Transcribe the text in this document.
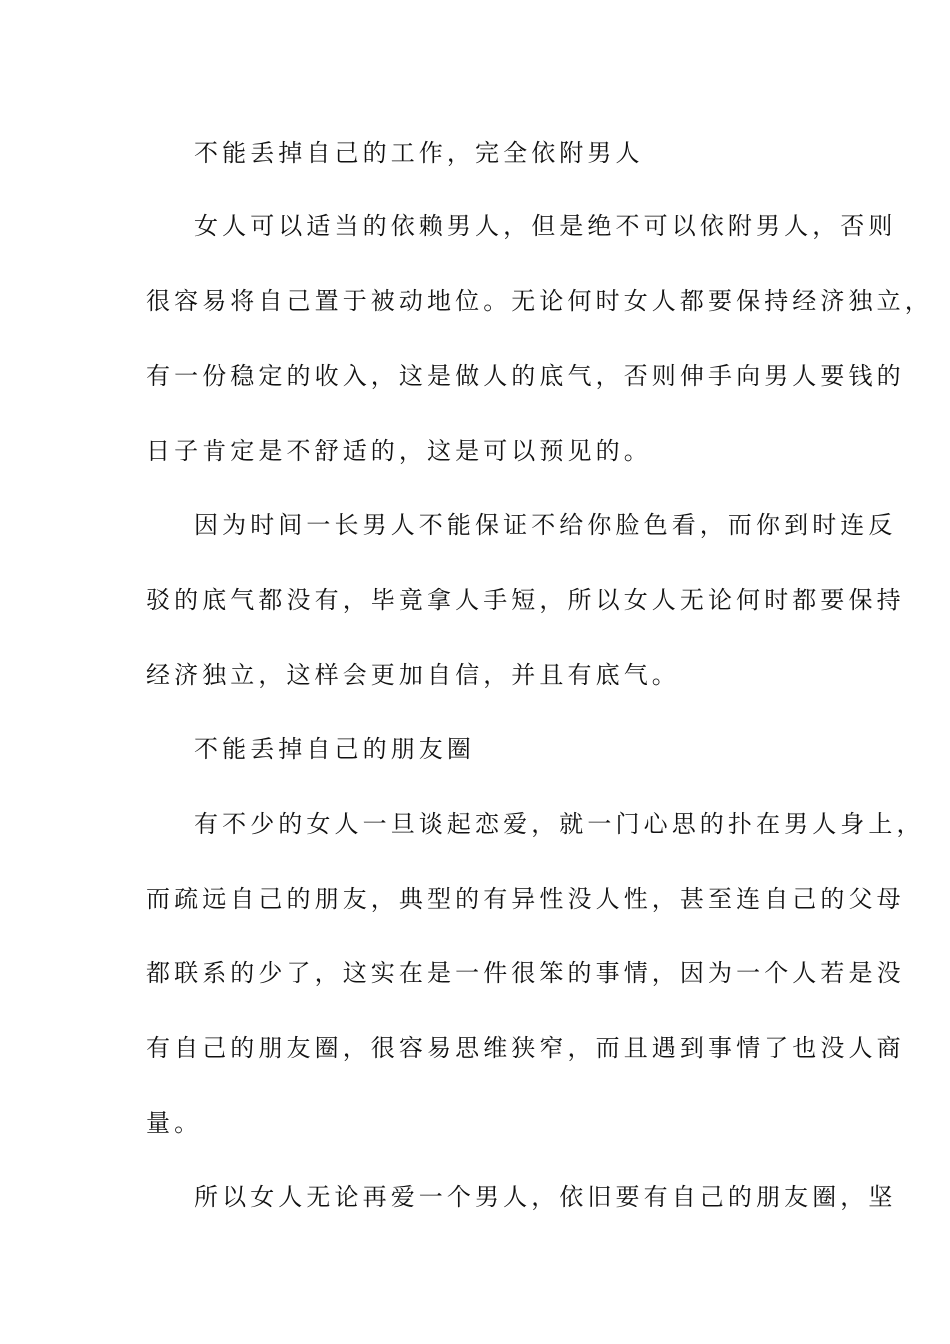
不能丢掉自己的工作，完全依附男人
女人可以适当的依赖男人，但是绝不可以依附男人，否则
很容易将自己置于被动地位。无论何时女人都要保持经济独立，
有一份稳定的收入，这是做人的底气，否则伸手向男人要钱的
日子肯定是不舒适的，这是可以预见的。
因为时间一长男人不能保证不给你脸色看，而你到时连反
驳的底气都没有，毕竟拿人手短，所以女人无论何时都要保持
经济独立，这样会更加自信，并且有底气。
不能丢掉自己的朋友圈
有不少的女人一旦谈起恋爱，就一门心思的扑在男人身上，
而疏远自己的朋友，典型的有异性没人性，甚至连自己的父母
都联系的少了，这实在是一件很笨的事情，因为一个人若是没
有自己的朋友圈，很容易思维狭窄，而且遇到事情了也没人商
量。
所以女人无论再爱一个男人，依旧要有自己的朋友圈，坚
